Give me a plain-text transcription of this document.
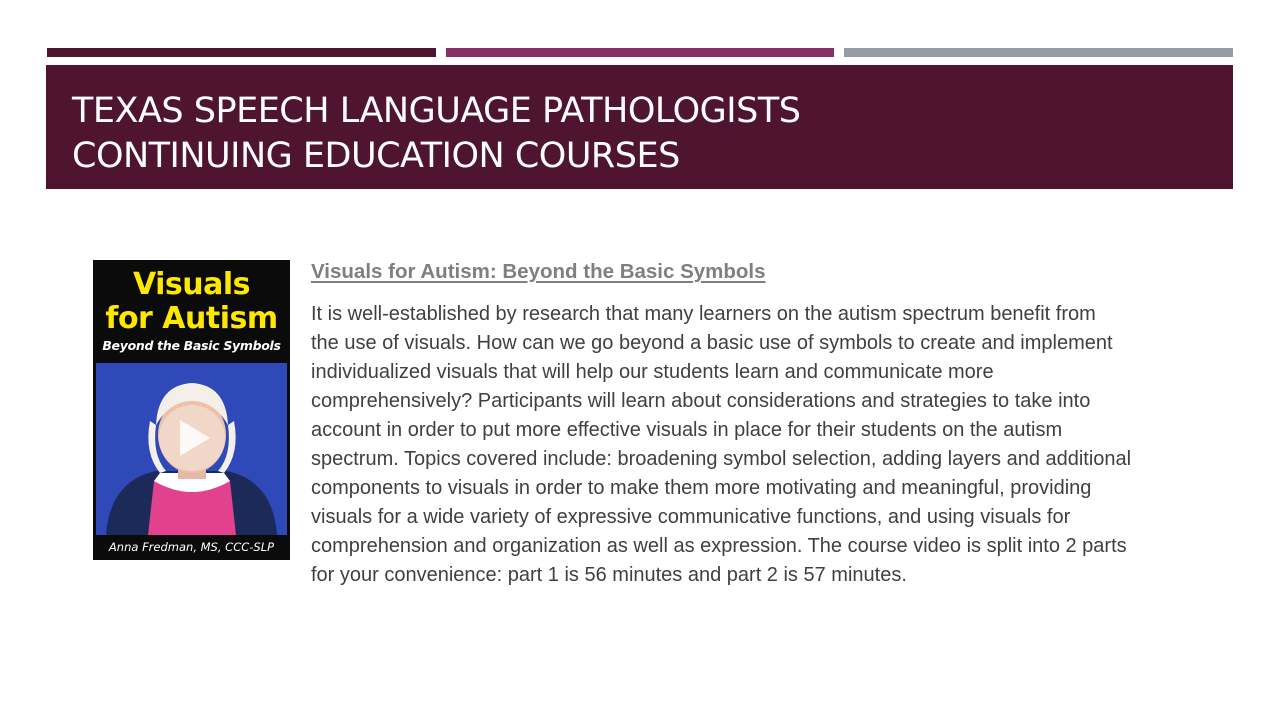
TEXAS SPEECH LANGUAGE PATHOLOGISTS
CONTINUING EDUCATION COURSES
Visuals
for Autism
Beyond the Basic Symbols
Anna Fredman, MS, CCC-SLP
Visuals for Autism: Beyond the Basic Symbols
It is well-established by research that many learners on the autism spectrum benefit from
the use of visuals. How can we go beyond a basic use of symbols to create and implement
individualized visuals that will help our students learn and communicate more
comprehensively? Participants will learn about considerations and strategies to take into
account in order to put more effective visuals in place for their students on the autism
spectrum. Topics covered include: broadening symbol selection, adding layers and additional
components to visuals in order to make them more motivating and meaningful, providing
visuals for a wide variety of expressive communicative functions, and using visuals for
comprehension and organization as well as expression. The course video is split into 2 parts
for your convenience: part 1 is 56 minutes and part 2 is 57 minutes.
